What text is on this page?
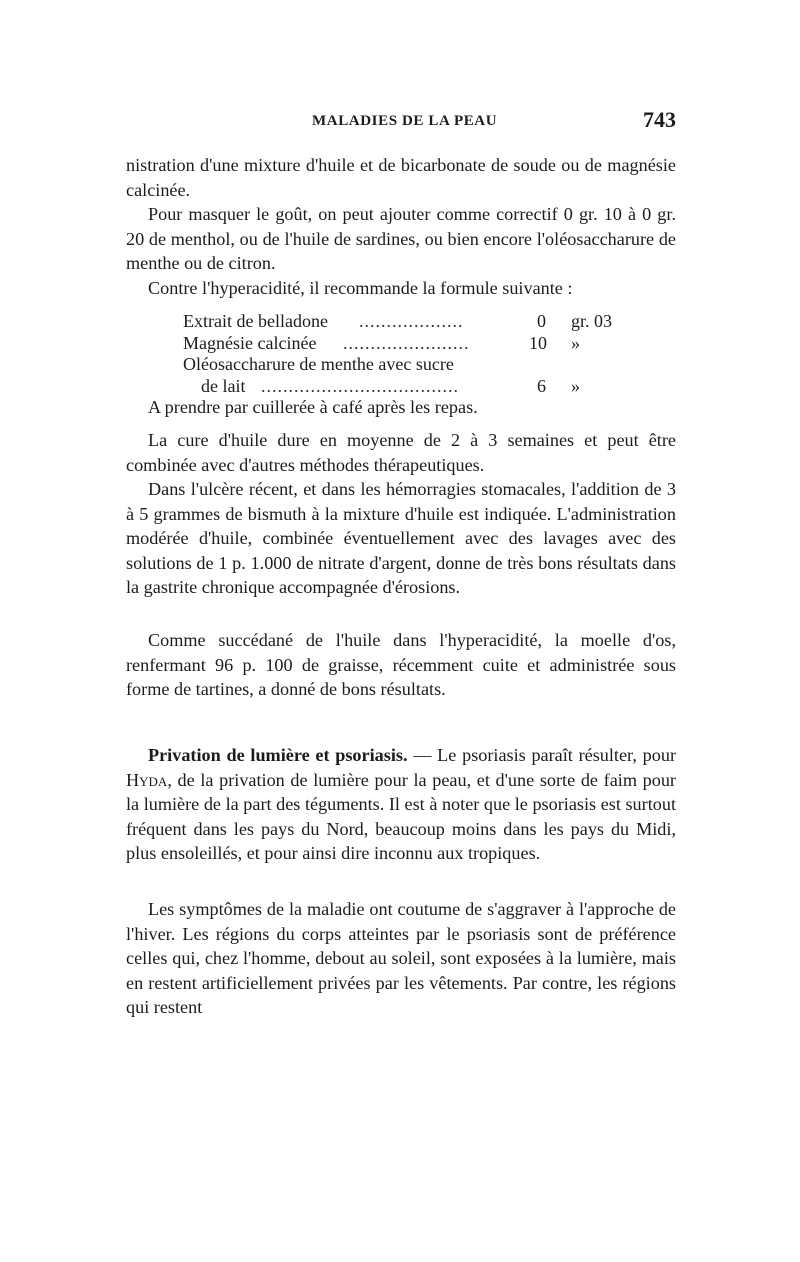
MALADIES DE LA PEAU	743

nistration d'une mixture d'huile et de bicarbonate de soude ou de magnésie calcinée.

Pour masquer le goût, on peut ajouter comme correctif 0 gr. 10 à 0 gr. 20 de menthol, ou de l'huile de sardines, ou bien encore l'oléosaccharure de menthe ou de citron.

Contre l'hyperacidité, il recommande la formule suivante :

Extrait de belladone ...................	0 gr. 03
Magnésie calcinée .......................	10 »
Oléosaccharure de menthe avec sucre
de lait ....................................	6 »

A prendre par cuillerée à café après les repas.

La cure d'huile dure en moyenne de 2 à 3 semaines et peut être combinée avec d'autres méthodes thérapeutiques.

Dans l'ulcère récent, et dans les hémorragies stomacales, l'addition de 3 à 5 grammes de bismuth à la mixture d'huile est indiquée. L'administration modérée d'huile, combinée éventuellement avec des lavages avec des solutions de 1 p. 1.000 de nitrate d'argent, donne de très bons résultats dans la gastrite chronique accompagnée d'érosions.

Comme succédané de l'huile dans l'hyperacidité, la moelle d'os, renfermant 96 p. 100 de graisse, récemment cuite et administrée sous forme de tartines, a donné de bons résultats.

Privation de lumière et psoriasis. — Le psoriasis paraît résulter, pour Hyda, de la privation de lumière pour la peau, et d'une sorte de faim pour la lumière de la part des téguments. Il est à noter que le psoriasis est surtout fréquent dans les pays du Nord, beaucoup moins dans les pays du Midi, plus ensoleillés, et pour ainsi dire inconnu aux tropiques.

Les symptômes de la maladie ont coutume de s'aggraver à l'approche de l'hiver. Les régions du corps atteintes par le psoriasis sont de préférence celles qui, chez l'homme, debout au soleil, sont exposées à la lumière, mais en restent artificiellement privées par les vêtements. Par contre, les régions qui restent
